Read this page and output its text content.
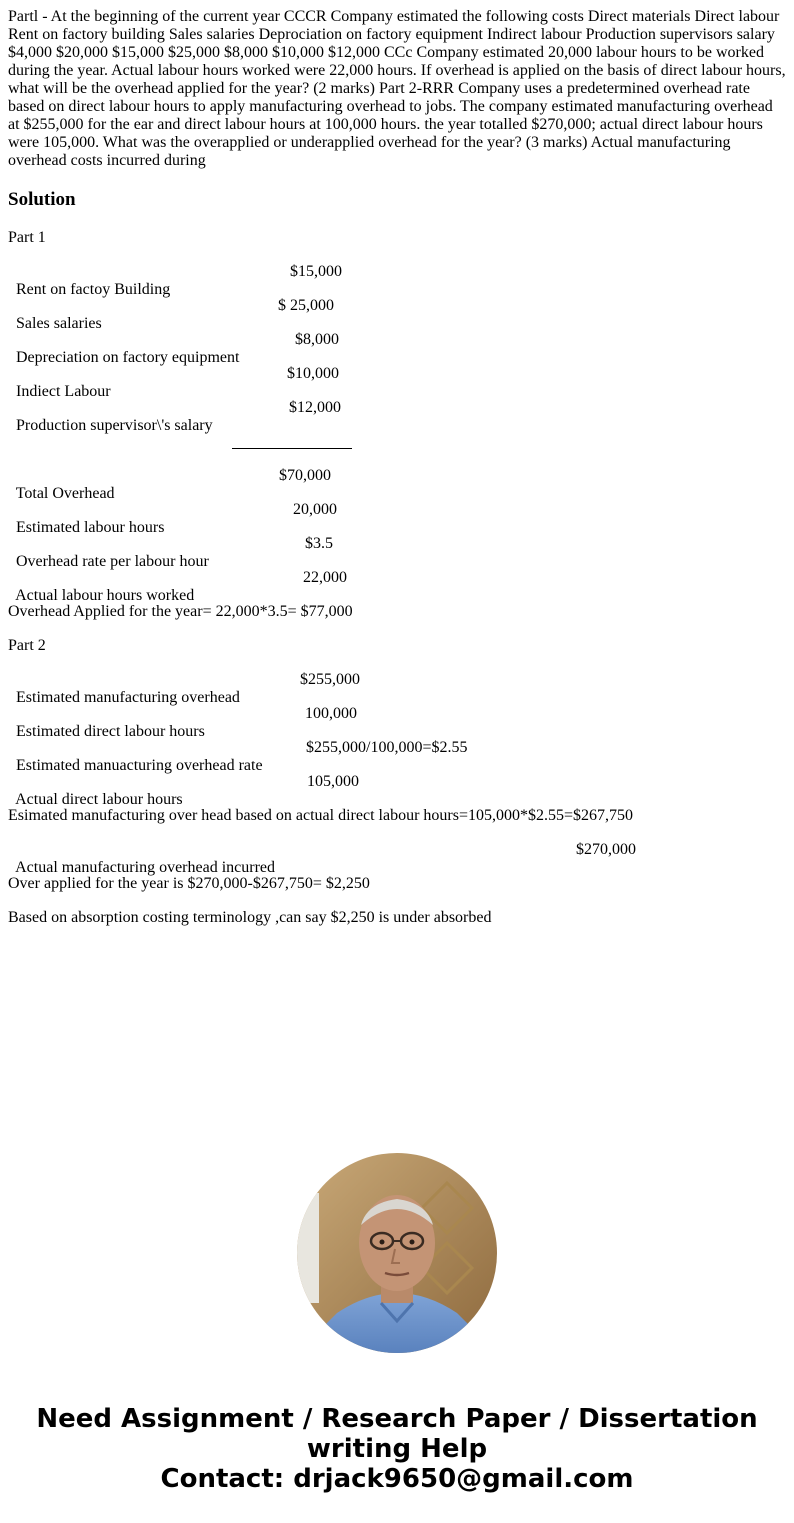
Partl - At the beginning of the current year CCCR Company estimated the following costs Direct materials Direct labour Rent on factory building Sales salaries Deprociation on factory equipment Indirect labour Production supervisors salary $4,000 $20,000 $15,000 $25,000 $8,000 $10,000 $12,000 CCc Company estimated 20,000 labour hours to be worked during the year. Actual labour hours worked were 22,000 hours. If overhead is applied on the basis of direct labour hours, what will be the overhead applied for the year? (2 marks) Part 2-RRR Company uses a predetermined overhead rate based on direct labour hours to apply manufacturing overhead to jobs. The company estimated manufacturing overhead at $255,000 for the ear and direct labour hours at 100,000 hours. the year totalled $270,000; actual direct labour hours were 105,000. What was the overapplied or underapplied overhead for the year? (3 marks) Actual manufacturing overhead costs incurred during

Solution
Part 1

Rent on factoy Building

$15,000

Sales salaries

$ 25,000

Depreciation on factory equipment

$8,000

Indiect Labour

$10,000

Production supervisor\'s salary

$12,000

Total Overhead

$70,000

Estimated labour hours

20,000

Overhead rate per labour hour

$3.5

Actual labour hours worked

22,000

Overhead Applied for the year= 22,000*3.5= $77,000
Part 2

Estimated manufacturing overhead

$255,000

Estimated direct labour hours

100,000

Estimated manuacturing overhead rate

$255,000/100,000=$2.55

Actual direct labour hours

105,000

Esimated manufacturing over head based on actual direct labour hours=105,000*$2.55=$267,750

Actual manufacturing overhead incurred

$270,000

Over applied for the year is $270,000-$267,750= $2,250
Based on absorption costing terminology ,can say $2,250 is under absorbed
Need Assignment / Research Paper / Dissertation
writing Help
Contact: drjack9650@gmail.com
